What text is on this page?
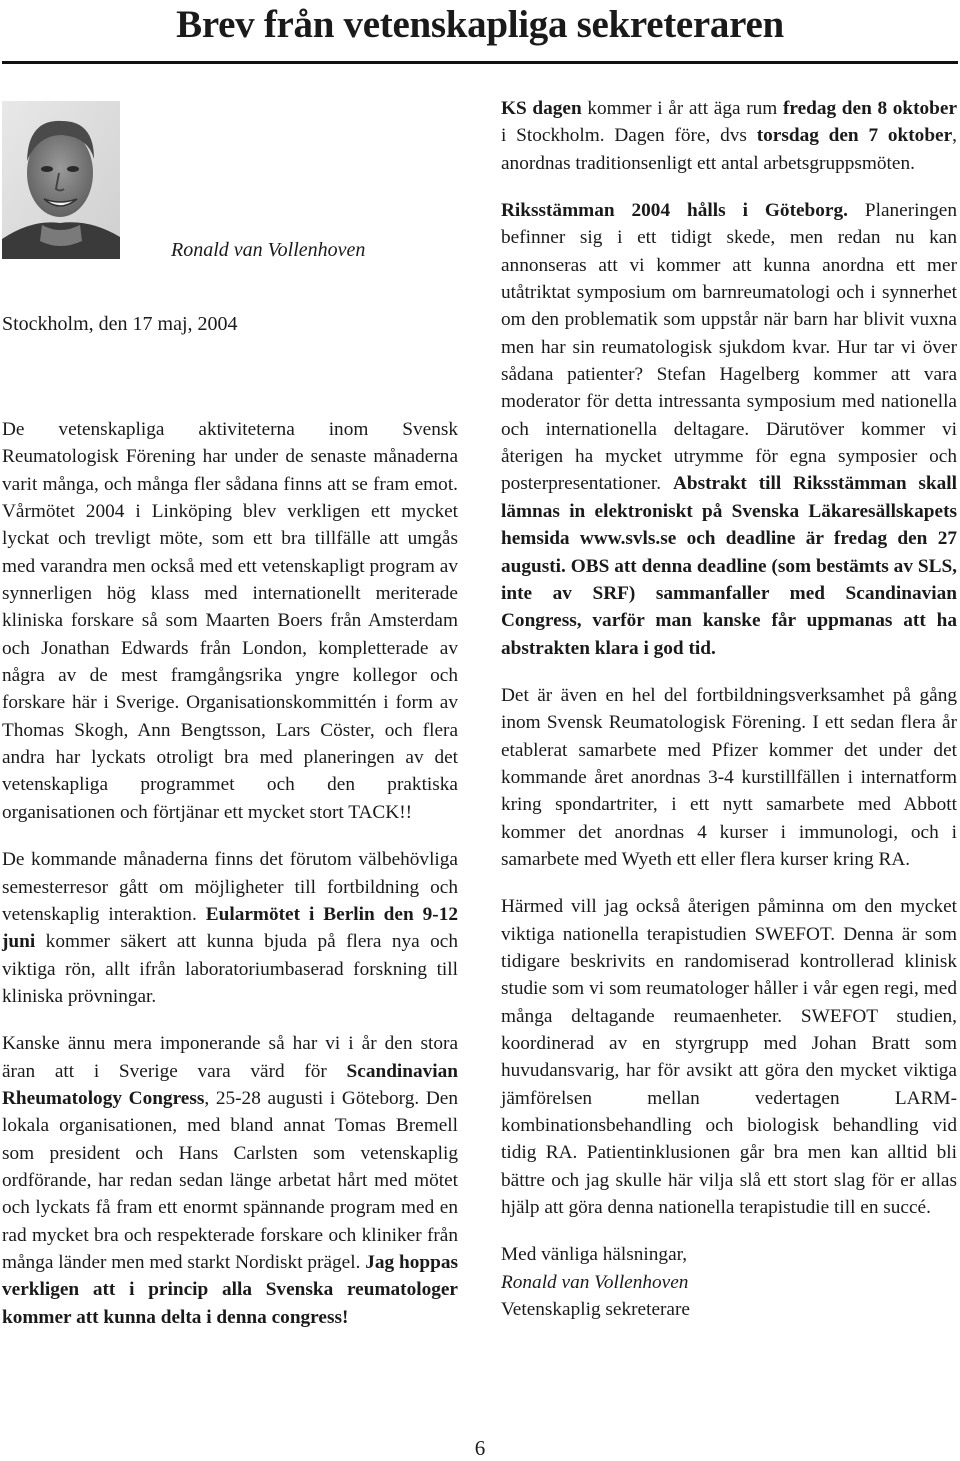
Brev från vetenskapliga sekreteraren
Ronald van Vollenhoven
Stockholm, den 17 maj, 2004

De vetenskapliga aktiviteterna inom Svensk Reumatologisk Förening har under de senaste månaderna varit många, och många fler sådana finns att se fram emot. Vårmötet 2004 i Linköping blev verkligen ett mycket lyckat och trevligt möte, som ett bra tillfälle att umgås med varandra men också med ett vetenskapligt program av synnerligen hög klass med internationellt meriterade kliniska forskare så som Maarten Boers från Amsterdam och Jonathan Edwards från London, kompletterade av några av de mest framgångsrika yngre kollegor och forskare här i Sverige. Organisationskommittén i form av Thomas Skogh, Ann Bengtsson, Lars Cöster, och flera andra har lyckats otroligt bra med planeringen av det vetenskapliga programmet och den praktiska organisationen och förtjänar ett mycket stort TACK!!

De kommande månaderna finns det förutom välbehövliga semesterresor gått om möjligheter till fortbildning och vetenskaplig interaktion. Eularmötet i Berlin den 9-12 juni kommer säkert att kunna bjuda på flera nya och viktiga rön, allt ifrån laboratoriumbaserad forskning till kliniska prövningar.

Kanske ännu mera imponerande så har vi i år den stora äran att i Sverige vara värd för Scandinavian Rheumatology Congress, 25-28 augusti i Göteborg. Den lokala organisationen, med bland annat Tomas Bremell som president och Hans Carlsten som vetenskaplig ordförande, har redan sedan länge arbetat hårt med mötet och lyckats få fram ett enormt spännande program med en rad mycket bra och respekterade forskare och kliniker från många länder men med starkt Nordiskt prägel. Jag hoppas verkligen att i princip alla Svenska reumatologer kommer att kunna delta i denna congress!

KS dagen kommer i år att äga rum fredag den 8 oktober i Stockholm. Dagen före, dvs torsdag den 7 oktober, anordnas traditionsenligt ett antal arbetsgruppsmöten.

Riksstämman 2004 hålls i Göteborg. Planeringen befinner sig i ett tidigt skede, men redan nu kan annonseras att vi kommer att kunna anordna ett mer utåtriktat symposium om barnreumatologi och i synnerhet om den problematik som uppstår när barn har blivit vuxna men har sin reumatologisk sjukdom kvar. Hur tar vi över sådana patienter? Stefan Hagelberg kommer att vara moderator för detta intressanta symposium med nationella och internationella deltagare. Därutöver kommer vi återigen ha mycket utrymme för egna symposier och posterpresentationer. Abstrakt till Riksstämman skall lämnas in elektroniskt på Svenska Läkaresällskapets hemsida www.svls.se och deadline är fredag den 27 augusti. OBS att denna deadline (som bestämts av SLS, inte av SRF) sammanfaller med Scandinavian Congress, varför man kanske får uppmanas att ha abstrakten klara i god tid.

Det är även en hel del fortbildningsverksamhet på gång inom Svensk Reumatologisk Förening. I ett sedan flera år etablerat samarbete med Pfizer kommer det under det kommande året anordnas 3-4 kurstillfällen i internatform kring spondartriter, i ett nytt samarbete med Abbott kommer det anordnas 4 kurser i immunologi, och i samarbete med Wyeth ett eller flera kurser kring RA.

Härmed vill jag också återigen påminna om den mycket viktiga nationella terapistudien SWEFOT. Denna är som tidigare beskrivits en randomiserad kontrollerad klinisk studie som vi som reumatologer håller i vår egen regi, med många deltagande reumaenheter. SWEFOT studien, koordinerad av en styrgrupp med Johan Bratt som huvudansvarig, har för avsikt att göra den mycket viktiga jämförelsen mellan vedertagen LARM-kombinationsbehandling och biologisk behandling vid tidig RA. Patientinklusionen går bra men kan alltid bli bättre och jag skulle här vilja slå ett stort slag för er allas hjälp att göra denna nationella terapistudie till en succé.

Med vänliga hälsningar,

Ronald van Vollenhoven

Vetenskaplig sekreterare

6
